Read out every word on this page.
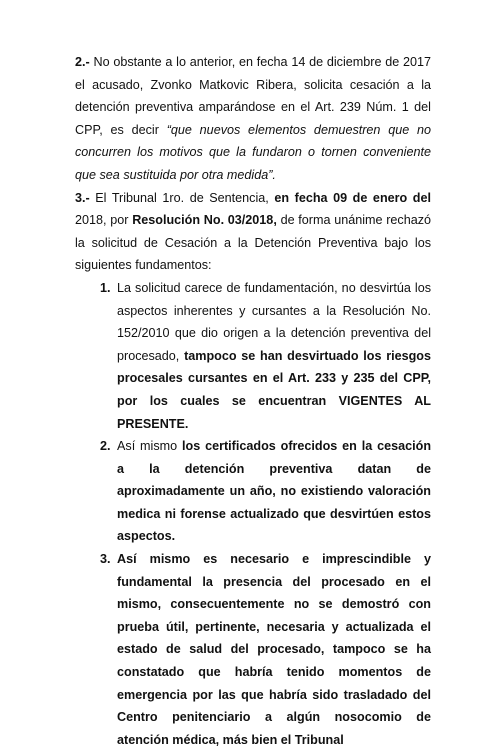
2.- No obstante a lo anterior, en fecha 14 de diciembre de 2017 el acusado, Zvonko Matkovic Ribera, solicita cesación a la detención preventiva amparándose en el Art. 239 Núm. 1 del CPP, es decir “que nuevos elementos demuestren que no concurren los motivos que la fundaron o tornen conveniente que sea sustituida por otra medida”.

3.- El Tribunal 1ro. de Sentencia, en fecha 09 de enero del 2018, por Resolución No. 03/2018, de forma unánime rechazó la solicitud de Cesación a la Detención Preventiva bajo los siguientes fundamentos:

1. La solicitud carece de fundamentación, no desvirtúa los aspectos inherentes y cursantes a la Resolución No. 152/2010 que dio origen a la detención preventiva del procesado, tampoco se han desvirtuado los riesgos procesales cursantes en el Art. 233 y 235 del CPP, por los cuales se encuentran VIGENTES AL PRESENTE.
2. Así mismo los certificados ofrecidos en la cesación a la detención preventiva datan de aproximadamente un año, no existiendo valoración medica ni forense actualizado que desvirtúen estos aspectos.
3. Así mismo es necesario e imprescindible y fundamental la presencia del procesado en el mismo, consecuentemente no se demostró con prueba útil, pertinente, necesaria y actualizada el estado de salud del procesado, tampoco se ha constatado que habría tenido momentos de emergencia por las que habría sido trasladado del Centro penitenciario a algún nosocomio de atención médica, más bien el Tribunal
